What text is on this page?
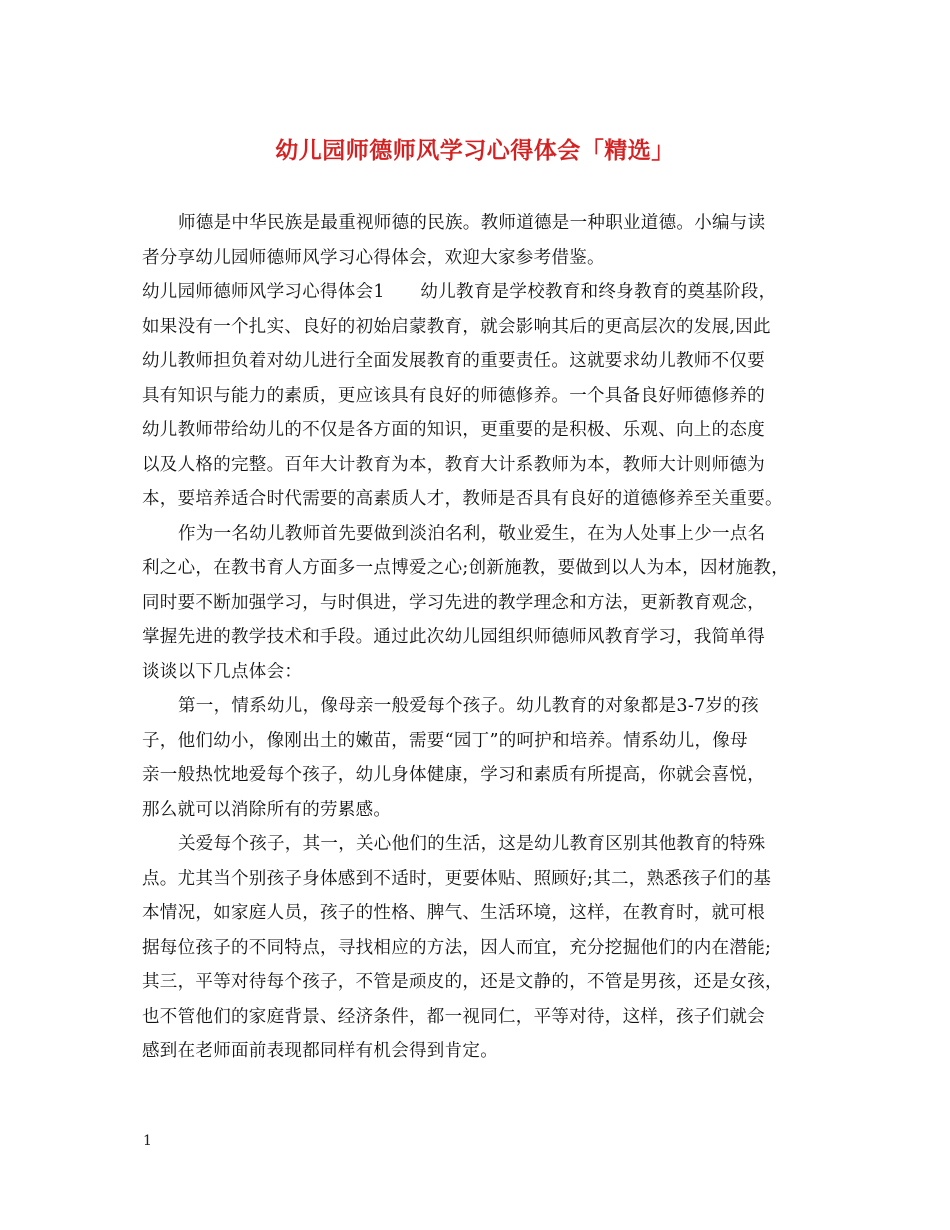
幼儿园师德师风学习心得体会「精选」
师德是中华民族是最重视师德的民族。教师道德是一种职业道德。小编与读
者分享幼儿园师德师风学习心得体会，欢迎大家参考借鉴。
幼儿园师德师风学习心得体会1　　幼儿教育是学校教育和终身教育的奠基阶段，
如果没有一个扎实、良好的初始启蒙教育，就会影响其后的更高层次的发展,因此
幼儿教师担负着对幼儿进行全面发展教育的重要责任。这就要求幼儿教师不仅要
具有知识与能力的素质，更应该具有良好的师德修养。一个具备良好师德修养的
幼儿教师带给幼儿的不仅是各方面的知识，更重要的是积极、乐观、向上的态度
以及人格的完整。百年大计教育为本，教育大计系教师为本，教师大计则师德为
本，要培养适合时代需要的高素质人才，教师是否具有良好的道德修养至关重要。
作为一名幼儿教师首先要做到淡泊名利，敬业爱生，在为人处事上少一点名
利之心，在教书育人方面多一点博爱之心;创新施教，要做到以人为本，因材施教，
同时要不断加强学习，与时俱进，学习先进的教学理念和方法，更新教育观念，
掌握先进的教学技术和手段。通过此次幼儿园组织师德师风教育学习，我简单得
谈谈以下几点体会：
第一，情系幼儿，像母亲一般爱每个孩子。幼儿教育的对象都是3-7岁的孩
子，他们幼小，像刚出土的嫩苗，需要“园丁”的呵护和培养。情系幼儿，像母
亲一般热忱地爱每个孩子，幼儿身体健康，学习和素质有所提高，你就会喜悦，
那么就可以消除所有的劳累感。
关爱每个孩子，其一，关心他们的生活，这是幼儿教育区别其他教育的特殊
点。尤其当个别孩子身体感到不适时，更要体贴、照顾好;其二，熟悉孩子们的基
本情况，如家庭人员，孩子的性格、脾气、生活环境，这样，在教育时，就可根
据每位孩子的不同特点，寻找相应的方法，因人而宜，充分挖掘他们的内在潜能;
其三，平等对待每个孩子，不管是顽皮的，还是文静的，不管是男孩，还是女孩，
也不管他们的家庭背景、经济条件，都一视同仁，平等对待，这样，孩子们就会
感到在老师面前表现都同样有机会得到肯定。
1
